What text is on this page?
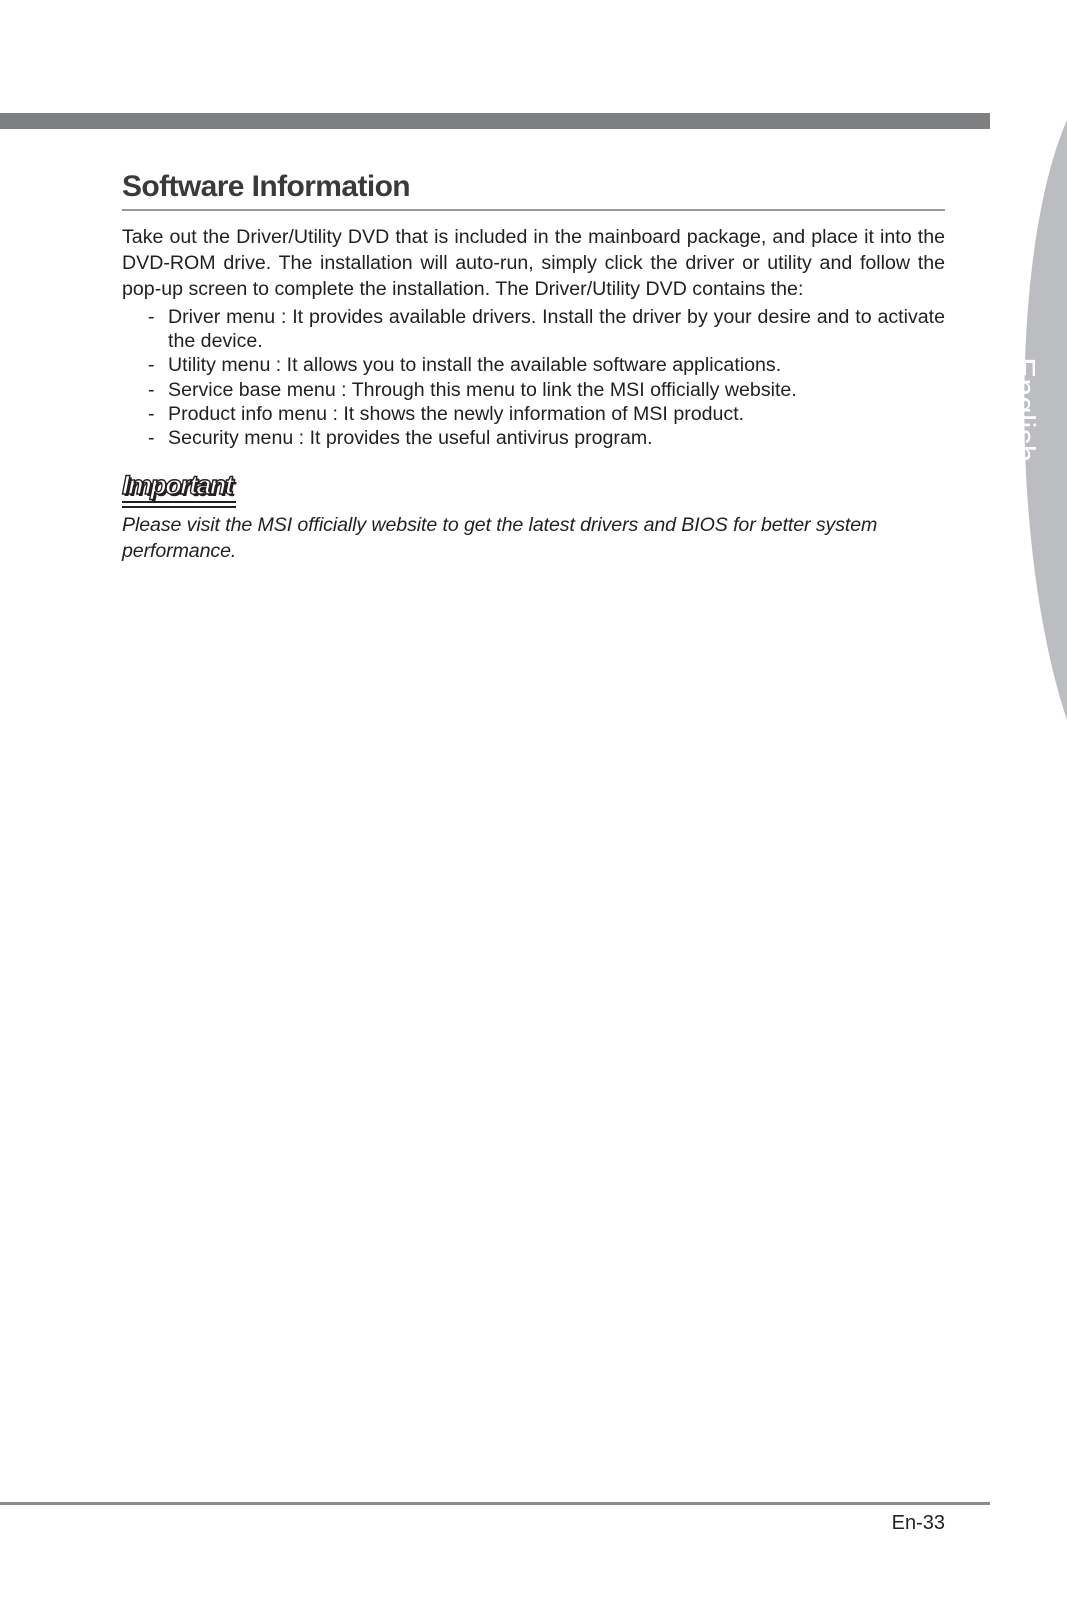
English
Software Information

Take out the Driver/Utility DVD that is included in the mainboard package, and place it into the DVD-ROM drive. The installation will auto-run, simply click the driver or utility and follow the pop-up screen to complete the installation. The Driver/Utility DVD contains the:

- Driver menu : It provides available drivers. Install the driver by your desire and to activate the device.
- Utility menu : It allows you to install the available software applications.
- Service base menu : Through this menu to link the MSI officially website.
- Product info menu : It shows the newly information of MSI product.
- Security menu : It provides the useful antivirus program.
Important

Please visit the MSI officially website to get the latest drivers and BIOS for better system performance.

En-33
